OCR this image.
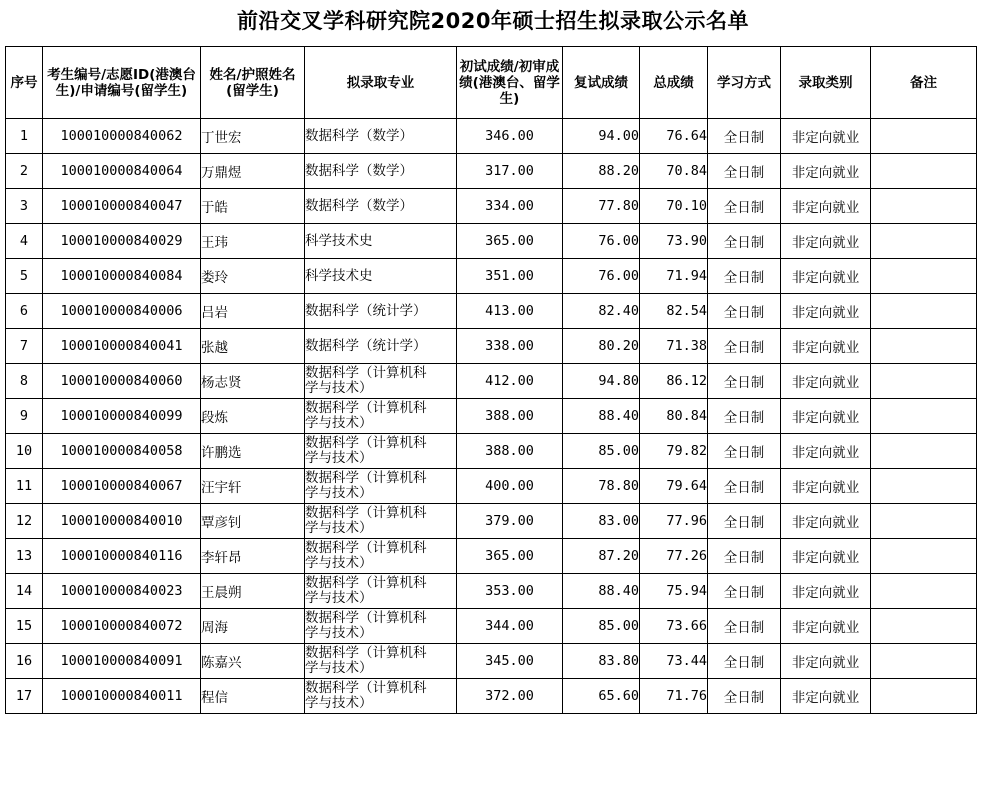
前沿交叉学科研究院2020年硕士招生拟录取公示名单
序号	考生编号/志愿ID(港澳台生)/申请编号(留学生)	姓名/护照姓名(留学生)	拟录取专业	初试成绩/初审成绩(港澳台、留学生)	复试成绩	总成绩	学习方式	录取类别	备注
1	100010000840062	丁世宏	数据科学（数学）	346.00	94.00	76.64	全日制	非定向就业	
2	100010000840064	万鼎煜	数据科学（数学）	317.00	88.20	70.84	全日制	非定向就业	
3	100010000840047	于皓	数据科学（数学）	334.00	77.80	70.10	全日制	非定向就业	
4	100010000840029	王玮	科学技术史	365.00	76.00	73.90	全日制	非定向就业	
5	100010000840084	娄玲	科学技术史	351.00	76.00	71.94	全日制	非定向就业	
6	100010000840006	吕岩	数据科学（统计学）	413.00	82.40	82.54	全日制	非定向就业	
7	100010000840041	张越	数据科学（统计学）	338.00	80.20	71.38	全日制	非定向就业	
8	100010000840060	杨志贤	数据科学（计算机科学与技术）	412.00	94.80	86.12	全日制	非定向就业	
9	100010000840099	段炼	数据科学（计算机科学与技术）	388.00	88.40	80.84	全日制	非定向就业	
10	100010000840058	许鹏选	数据科学（计算机科学与技术）	388.00	85.00	79.82	全日制	非定向就业	
11	100010000840067	汪宇轩	数据科学（计算机科学与技术）	400.00	78.80	79.64	全日制	非定向就业	
12	100010000840010	覃彦钊	数据科学（计算机科学与技术）	379.00	83.00	77.96	全日制	非定向就业	
13	100010000840116	李轩昂	数据科学（计算机科学与技术）	365.00	87.20	77.26	全日制	非定向就业	
14	100010000840023	王晨朔	数据科学（计算机科学与技术）	353.00	88.40	75.94	全日制	非定向就业	
15	100010000840072	周海	数据科学（计算机科学与技术）	344.00	85.00	73.66	全日制	非定向就业	
16	100010000840091	陈嘉兴	数据科学（计算机科学与技术）	345.00	83.80	73.44	全日制	非定向就业	
17	100010000840011	程信	数据科学（计算机科学与技术）	372.00	65.60	71.76	全日制	非定向就业	
